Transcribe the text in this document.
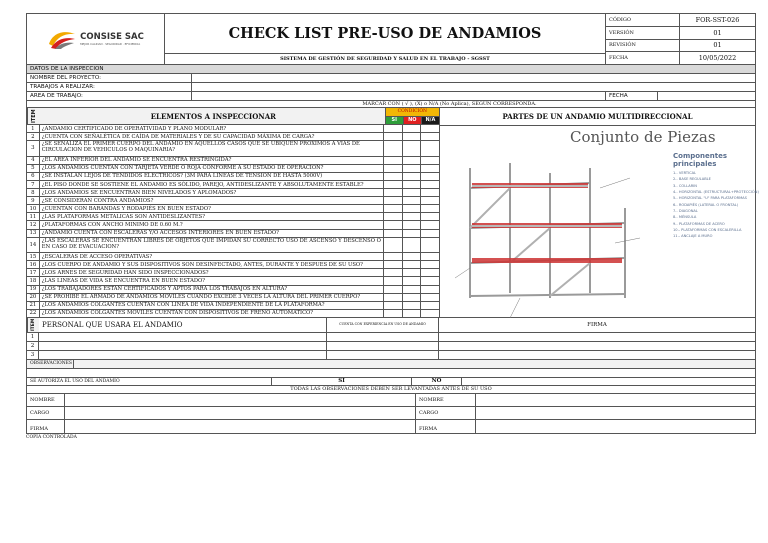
CONSISE SAC
MEJOR CALIDAD · SEGURIDAD · EFICIENCIA
CHECK LIST PRE-USO DE ANDAMIOS
SISTEMA DE GESTIÓN DE SEGURIDAD Y SALUD EN EL TRABAJO - SGSST
CÓDIGO	FOR-SST-026
VERSIÓN	01
REVISIÓN	01
FECHA	10/05/2022
DATOS DE LA INSPECCION
NOMBRE DEL PROYECTO:
TRABAJOS A REALIZAR:
AREA DE TRABAJO:	FECHA
MARCAR CON ( √ ), (X) o N/A (No Aplica), SEGÚN CORRESPONDA.
ITEM	ELEMENTOS A INSPECCIONAR	CONDICIÓN
SI	NO	N/A
1	¿ANDAMIO CERTIFICADO DE OPERATIVIDAD Y PLANO MODULAR?
2	¿CUENTA CON SEÑALÉTICA DE CAÍDA DE MATERIALES Y DE SU CAPACIDAD MÁXIMA DE CARGA?
3
¿SE SEÑALIZA EL PRIMER CUERPO DEL ANDAMIO EN AQUELLOS CASOS QUE SE UBIQUEN PROXIMOS A VIAS DE CIRCULACION DE VEHICULOS O MAQUINARIA?
4	¿EL ÁREA INFERIOR DEL ANDAMIO SE ENCUENTRA RESTRINGIDA?
5	¿LOS ANDAMIOS CUENTAN CON TARJETA VERDE O ROJA CONFORME A SU ESTADO DE OPERACIÓN?
6	¿SE INSTALAN LEJOS DE TENDIDOS ELÉCTRICOS? (3M PARA LÍNEAS DE TENSIÓN DE HASTA 5000V)
7	¿EL PISO DONDE SE SOSTIENE EL ANDAMIO ES SÓLIDO, PAREJO, ANTIDESLIZANTE Y ABSOLUTAMENTE ESTABLE?
8	¿LOS ANDAMIOS SE ENCUENTRAN BIEN NIVELADOS Y APLOMADOS?
9	¿SE CONSIDERAN CONTRA ANDAMIOS?
10	¿CUENTAN CON BARANDAS Y RODAPIÉS EN BUEN ESTADO?
11	¿LAS PLATAFORMAS METALICAS SON ANTIDESLIZANTES?
12	¿PLATAFORMAS CON ANCHO MINIMO DE 0.60 M.?
13	¿ANDAMIO CUENTA CON ESCALERAS Y/O ACCESOS INTERIORES EN BUEN ESTADO?
14
¿LAS ESCALERAS SE ENCUENTRAN LIBRES DE OBJETOS QUE IMPIDAN SU CORRECTO USO DE ASCENSO Y DESCENSO O EN CASO DE EVACUACION?
15	¿ESCALERAS DE ACCESO OPERATIVAS?
16	¿LOS CUERPO DE ANDAMIO Y SUS DISPOSITIVOS SON DESINFECTADO, ANTES, DURANTE Y DESPUES DE SU USO?
17	¿LOS ARNES DE SEGURIDAD HAN SIDO INSPECCIONADOS?
18	¿LAS LINEAS DE VIDA SE ENCUENTRA EN BUEN ESTADO?
19	¿LOS TRABAJADORES ESTAN CERTIFICADOS Y APTOS PARA LOS TRABAJOS EN ALTURA?
20	¿SE PROHÍBE EL ARMADO DE ANDAMIOS MÓVILES CUANDO EXCEDE 3 VECES LA ALTURA DEL PRIMER CUERPO?
21	¿LOS ANDAMIOS COLGANTES CUENTAN CON LÍNEA DE VIDA INDEPENDIENTE DE LA PLATAFORMA?
22	¿LOS ANDAMIOS COLGANTES MÓVILES CUENTAN CON DISPOSITIVOS DE FRENO AUTOMÁTICO?
PARTES DE UN ANDAMIO MULTIDIRECCIONAL
Conjunto de Piezas
Componentes principales
1.- VERTICAL
2.- BASE REGULABLE
3.- COLLARIN
4.- HORIZONTAL (ESTRUCTURAL+PROTECCIÓN)
5.- HORIZONTAL "U" PARA PLATAFORMAS
6.- RODAPIÉS (LATERAL O FRONTAL)
7.- DIAGONAL
8.- MÉNSULA
9.- PLATAFORMAS DE ACERO
10.- PLATAFORMAS CON ESCALERILLA
11.- ANCLAJE A MURO
ITEM PERSONAL QUE USARA EL ANDAMIO	CUENTA CON EXPERIENCIA EN USO DE ANDAMIO	FIRMA
1
2
3
OBSERVACIONES
SE AUTORIZA EL USO DEL ANDAMIO	SI	NO
TODAS LAS OBSERVACIONES DEBEN SER LEVANTADAS ANTES DE SU USO
NOMBRE	NOMBRE
CARGO	CARGO
FIRMA	FIRMA
COPIA CONTROLADA
